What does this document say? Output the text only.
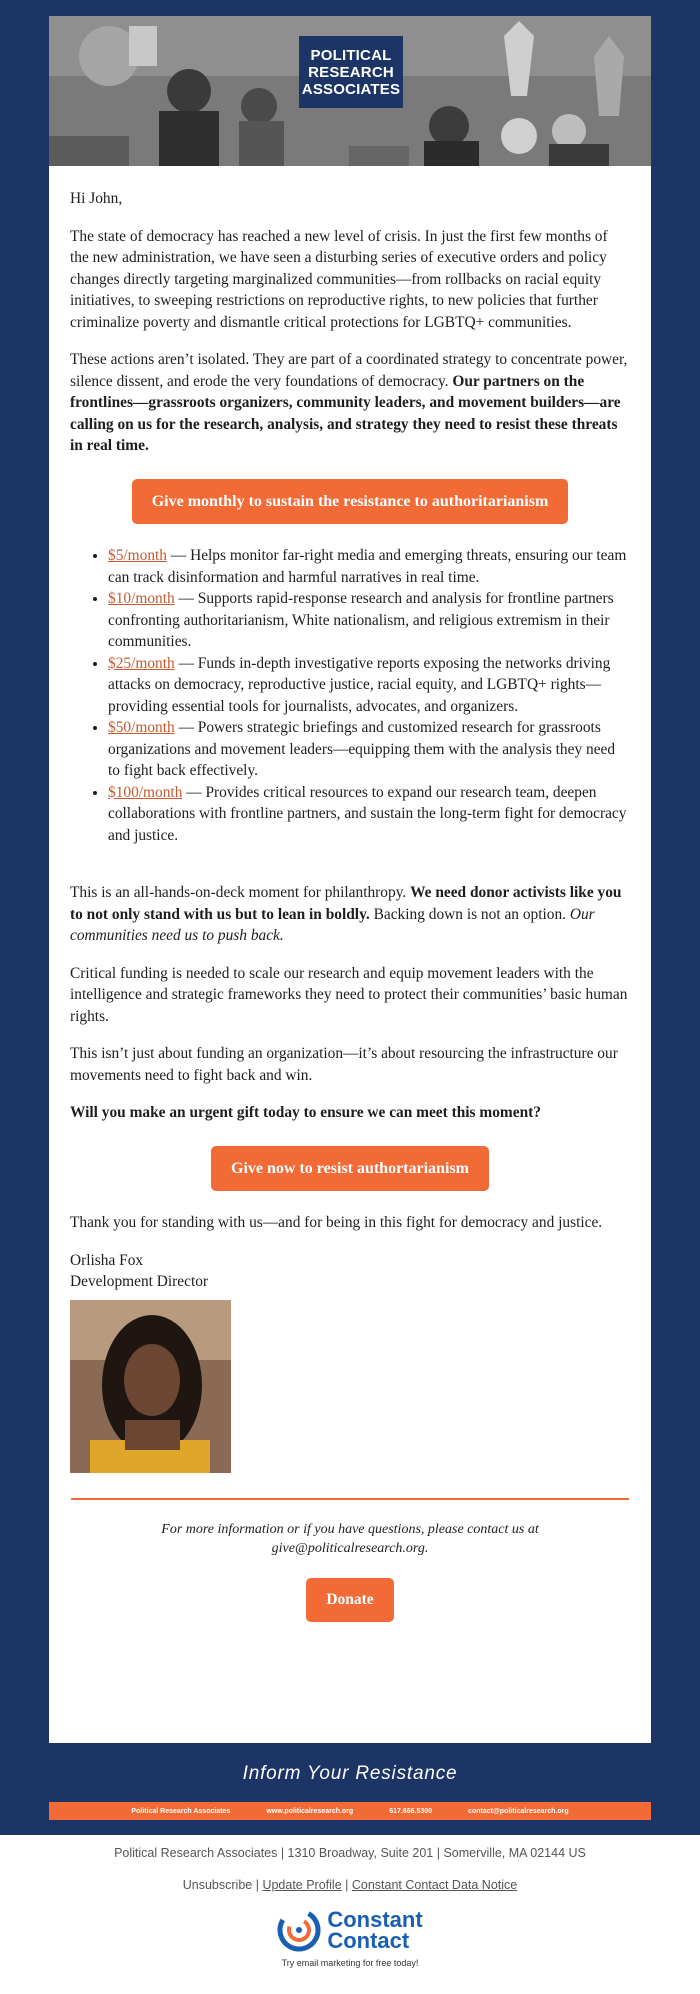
POLITICAL
RESEARCH
ASSOCIATES

Hi John,

The state of democracy has reached a new level of crisis. In just the first few months of the new administration, we have seen a disturbing series of executive orders and policy changes directly targeting marginalized communities—from rollbacks on racial equity initiatives, to sweeping restrictions on reproductive rights, to new policies that further criminalize poverty and dismantle critical protections for LGBTQ+ communities.

These actions aren’t isolated. They are part of a coordinated strategy to concentrate power, silence dissent, and erode the very foundations of democracy. Our partners on the frontlines—grassroots organizers, community leaders, and movement builders—are calling on us for the research, analysis, and strategy they need to resist these threats in real time.

Give monthly to sustain the resistance to authoritarianism
• $5/month — Helps monitor far-right media and emerging threats, ensuring our team can track disinformation and harmful narratives in real time.
• $10/month — Supports rapid-response research and analysis for frontline partners confronting authoritarianism, White nationalism, and religious extremism in their communities.
• $25/month — Funds in-depth investigative reports exposing the networks driving attacks on democracy, reproductive justice, racial equity, and LGBTQ+ rights—providing essential tools for journalists, advocates, and organizers.
• $50/month — Powers strategic briefings and customized research for grassroots organizations and movement leaders—equipping them with the analysis they need to fight back effectively.
• $100/month — Provides critical resources to expand our research team, deepen collaborations with frontline partners, and sustain the long-term fight for democracy and justice.

This is an all-hands-on-deck moment for philanthropy. We need donor activists like you to not only stand with us but to lean in boldly. Backing down is not an option. Our communities need us to push back.

Critical funding is needed to scale our research and equip movement leaders with the intelligence and strategic frameworks they need to protect their communities’ basic human rights.

This isn’t just about funding an organization—it’s about resourcing the infrastructure our movements need to fight back and win.

Will you make an urgent gift today to ensure we can meet this moment?

Give now to resist authortarianism

Thank you for standing with us—and for being in this fight for democracy and justice.

Orlisha Fox
Development Director
For more information or if you have questions, please contact us at give@politicalresearch.org.
Donate
Inform Your Resistance
Political Research Associates	www.politicalresearch.org	617.666.5300	contact@politicalresearch.org
Political Research Associates | 1310 Broadway, Suite 201 | Somerville, MA 02144 US
Unsubscribe | Update Profile | Constant Contact Data Notice
Constant
Contact
Try email marketing for free today!
